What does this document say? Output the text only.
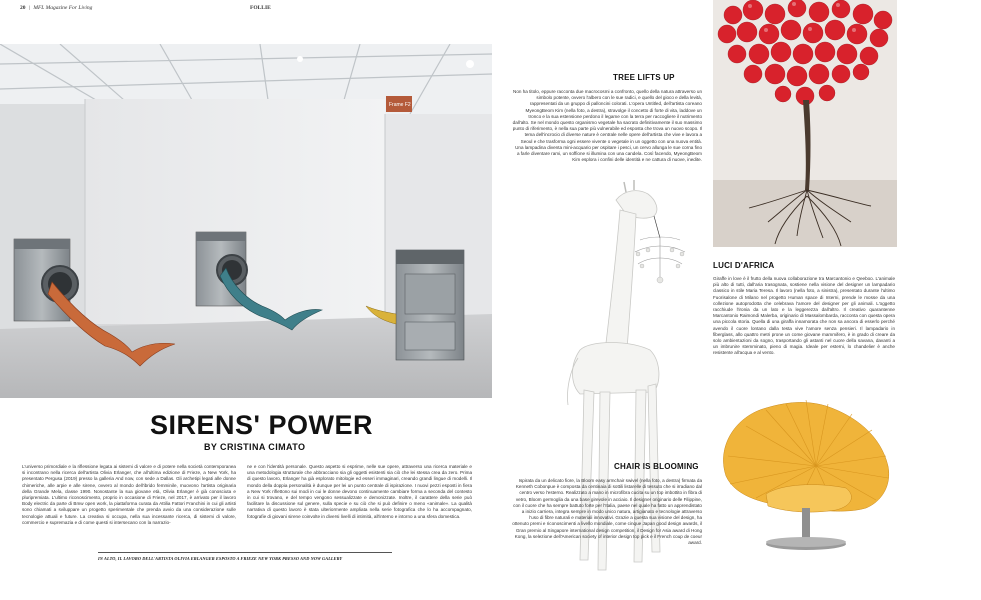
20 | MFL Magazine For Living	FOLLIE
Frame F2
SIRENS' POWER
BY CRISTINA CIMATO
L'universo primordiale e la riflessione legata ai sistemi di valore e di potere nella società contemporanea si incontrano nella ricerca dell'artista Olivia Erlanger, che all'ultima edizione di Frieze, a New York, ha presentato Pergusa (2019) presso la galleria And now, con sede a Dallas. Gli archetipi legati alle donne chimeriche, alle arpie e alle sirene, ovvero al mondo dell'ibrido femminile, muovono l'artista originaria della Grande Mela, classe 1990. Nonostante la sua giovane età, Olivia Erlanger è già conosciuta e pluripremiata. L'ultimo riconoscimento, proprio in occasione di Frieze, nel 2017, è arrivato per il lavoro Body electric da parte di Bmw open work, la piattaforma curata da Attilia Fattori Franchini in cui gli artisti sono chiamati a sviluppare un progetto sperimentale che prenda avvio da una considerazione sulle tecnologie attuali e future. La creativa si occupa, nella sua incessante ricerca, di sistemi di valore, commercio e supremazia e di come questi si intersecano con la narrazio-
ne e con l'identità personale. Questo aspetto si esprime, nelle sue opere, attraverso una ricerca materiale e una metodologia strutturale che abbracciano sia gli oggetti esistenti sia ciò che lei stessa crea da zero. Prima di questo lavoro, Erlanger ha già esplorato mitologie ed esseri immaginari, creando grandi lingue di modelli. Il mondo della doppia personalità è dunque per lei un punto centrale di ispirazione. I nuovi pezzi esposti in fiera a New York riflettono sui modi in cui le donne devono continuamente cambiare forma a seconda del contesto in cui si trovano, e del tempo vengono sessualizzate e demonizzate. Inoltre, il carattere della serie può facilitare la discussione sul genere, sulla specie e su ciò che si può definire o meno «animale». La qualità narrativa di questo lavoro è stata ulteriormente ampliata nella serie fotografica che lo ha accompagnato, fotografie di giovani sirene coinvolte in diversi livelli di intimità, all'interno e intorno a una sfera domestica.
IN ALTO, IL LAVORO DELL'ARTISTA OLIVIA ERLANGER ESPOSTO A FRIEZE NEW YORK PRESSO AND NOW GALLERY
TREE LIFTS UP
Non ha titolo, eppure racconta due macrocosmi a confronto, quello della natura attraverso un simbolo potente, ovvero l'albero con le sue radici, e quello del gioco e della levità, rappresentati da un gruppo di palloncini colorati. L'opera Untitled, dell'artista coreano MyeongBeom Kim (nella foto, a destra), stravolge il concetto di forte di vita, laddove un tronco e la sua estensione perdono il legame con la terra per raccogliere il nutrimento dall'alto. Se nel mondo questo organismo vegetale ha sacrato definitivamente il suo massimo punto di riferimento, è nella sua parte più vulnerabile ed esposta che trova un nuovo scopo. Il tema dell'incrocio di diverse nature è centrale nelle opere dell'artista che vive e lavora a Seoul e che trasforma ogni essere vivente o vegetale in un oggetto con una nuova entità. Una lampadina diventa mini-acquario per ospitare i pesci, un cervo allunga le sue corna fino a farle diventare rami, un soffione si illumina con una candela. Così facendo, MyeongBeom Kim esplora i confini delle identità e ne cattura di nuove, inedite.
LUCI D'AFRICA
Giraffe in love è il frutto della nuova collaborazione tra Marcantonio e Qeeboo. L'animale più alto di tutti, dall'aria trasognata, sostiene nella visione del designer un lampadario classico in stile Maria Teresa. Il lavoro (nella foto, a sinistra), presentato durante l'ultimo Fuorisalone di Milano nel progetto Human space di Interni, prende le mosse da una collezione autoprodotta che celebrava l'amore del designer per gli animali. L'oggetto racchiude l'ironia da un lato e la leggerezza dall'altro. Il creativo quarantenne Marcantonio Raimondi Malerba, originario di Massalombarda, racconta con questa opera una piccola storia. Quella di una giraffa innamorata che non sa ancora di esserlo perché avendo il cuore lontano dalla testa vive l'amore senza pensieri. Il lampadario in fiberglass, allo quattro metri prone un come giovane mammifero, è in grado di creare da solo ambientazioni da sogno, trasportando gli astanti nel cuore della savana, davanti a un imbrunire stemminato, pieno di magia. Ideale per esterni, lo chandelier è anche resistente all'acqua e al vento.
CHAIR IS BLOOMING
Ispirata da un delicato fiore, la Bloom easy armchair swivel (nella foto, a destra) firmata da Kenneth Cobonpue è composta da centinaia di sottili listarelle di tessuto che si irradiano dal centro verso l'esterno. Realizzato a mano in microfibra cucita su un top imbottito in fibra di vetro, Bloom germoglia da una base girevole in acciaio. Il designer originario delle Filippine, con il cuore che ha sempre battuto forte per l'Italia, paese nel quale ha fatto un apprendistato a inizio carriera, integra sempre in modo unico natura, artigianato e tecnologie attraverso l'uso di fibre naturali e materiali innovativi. Grazie a questa sua visione del design, ha ottenuto premi e riconoscimenti a livello mondiale, come cinque Japan good design awards, il Gran premio al Singapore international design competition, il Design for Asia award di Hong Kong, la selezione dell'American society of interior design top pick e il French coup de coeur award.
